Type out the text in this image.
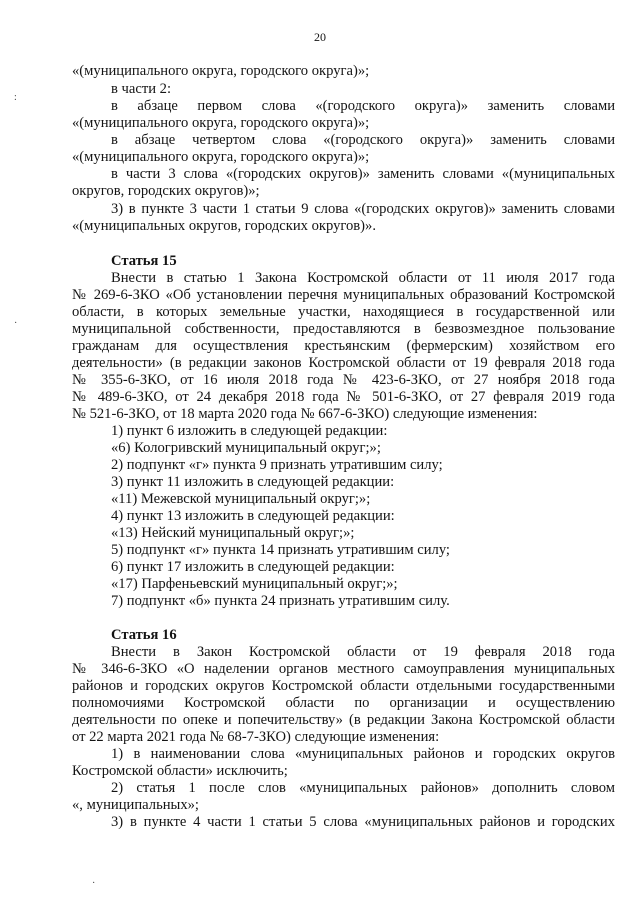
20
:
·
·
«(муниципального округа, городского округа)»;
в части 2:
в абзаце первом слова «(городского округа)» заменить словами
«(муниципального округа, городского округа)»;
в абзаце четвертом слова «(городского округа)» заменить словами
«(муниципального округа, городского округа)»;
в части 3 слова «(городских округов)» заменить словами «(муниципальных
округов, городских округов)»;
3) в пункте 3 части 1 статьи 9 слова «(городских округов)» заменить словами
«(муниципальных округов, городских округов)».
Статья 15
Внести в статью 1 Закона Костромской области от 11 июля 2017 года
№ 269-6-ЗКО «Об установлении перечня муниципальных образований Костромской
области, в которых земельные участки, находящиеся в государственной или
муниципальной собственности, предоставляются в безвозмездное пользование
гражданам для осуществления крестьянским (фермерским) хозяйством его
деятельности» (в редакции законов Костромской области от 19 февраля 2018 года
№ 355-6-ЗКО, от 16 июля 2018 года № 423-6-ЗКО, от 27 ноября 2018 года
№ 489-6-ЗКО, от 24 декабря 2018 года № 501-6-ЗКО, от 27 февраля 2019 года
№ 521-6-ЗКО, от 18 марта 2020 года № 667-6-ЗКО) следующие изменения:
1) пункт 6 изложить в следующей редакции:
«6) Кологривский муниципальный округ;»;
2) подпункт «г» пункта 9 признать утратившим силу;
3) пункт 11 изложить в следующей редакции:
«11) Межевской муниципальный округ;»;
4) пункт 13 изложить в следующей редакции:
«13) Нейский муниципальный округ;»;
5) подпункт «г» пункта 14 признать утратившим силу;
6) пункт 17 изложить в следующей редакции:
«17) Парфеньевский муниципальный округ;»;
7) подпункт «б» пункта 24 признать утратившим силу.
Статья 16
Внести в Закон Костромской области от 19 февраля 2018 года
№ 346-6-ЗКО «О наделении органов местного самоуправления муниципальных
районов и городских округов Костромской области отдельными государственными
полномочиями Костромской области по организации и осуществлению
деятельности по опеке и попечительству» (в редакции Закона Костромской области
от 22 марта 2021 года № 68-7-ЗКО) следующие изменения:
1) в наименовании слова «муниципальных районов и городских округов
Костромской области» исключить;
2) статья 1 после слов «муниципальных районов» дополнить словом
«, муниципальных»;
3) в пункте 4 части 1 статьи 5 слова «муниципальных районов и городских
